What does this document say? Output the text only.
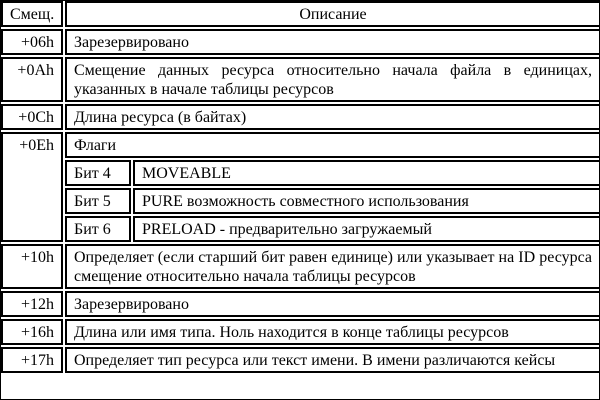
Смещ.	Описание	
+06h	Зарезервировано	
+0Ah	Смещение данных ресурса относительно начала файла в единицах, указанных в начале таблицы ресурсов	
+0Ch	Длина ресурса (в байтах)	
+0Eh	Флаги	
	Бит 4	MOVEABLE
	Бит 5	PURE возможность совместного использования
	Бит 6	PRELOAD - предварительно загружаемый
+10h	Определяет (если старший бит равен единице) или указывает на ID ресурса смещение относительно начала таблицы ресурсов	
+12h	Зарезервировано	
+16h	Длина или имя типа. Ноль находится в конце таблицы ресурсов	
+17h	Определяет тип ресурса или текст имени. В имени различаются кейсы	
